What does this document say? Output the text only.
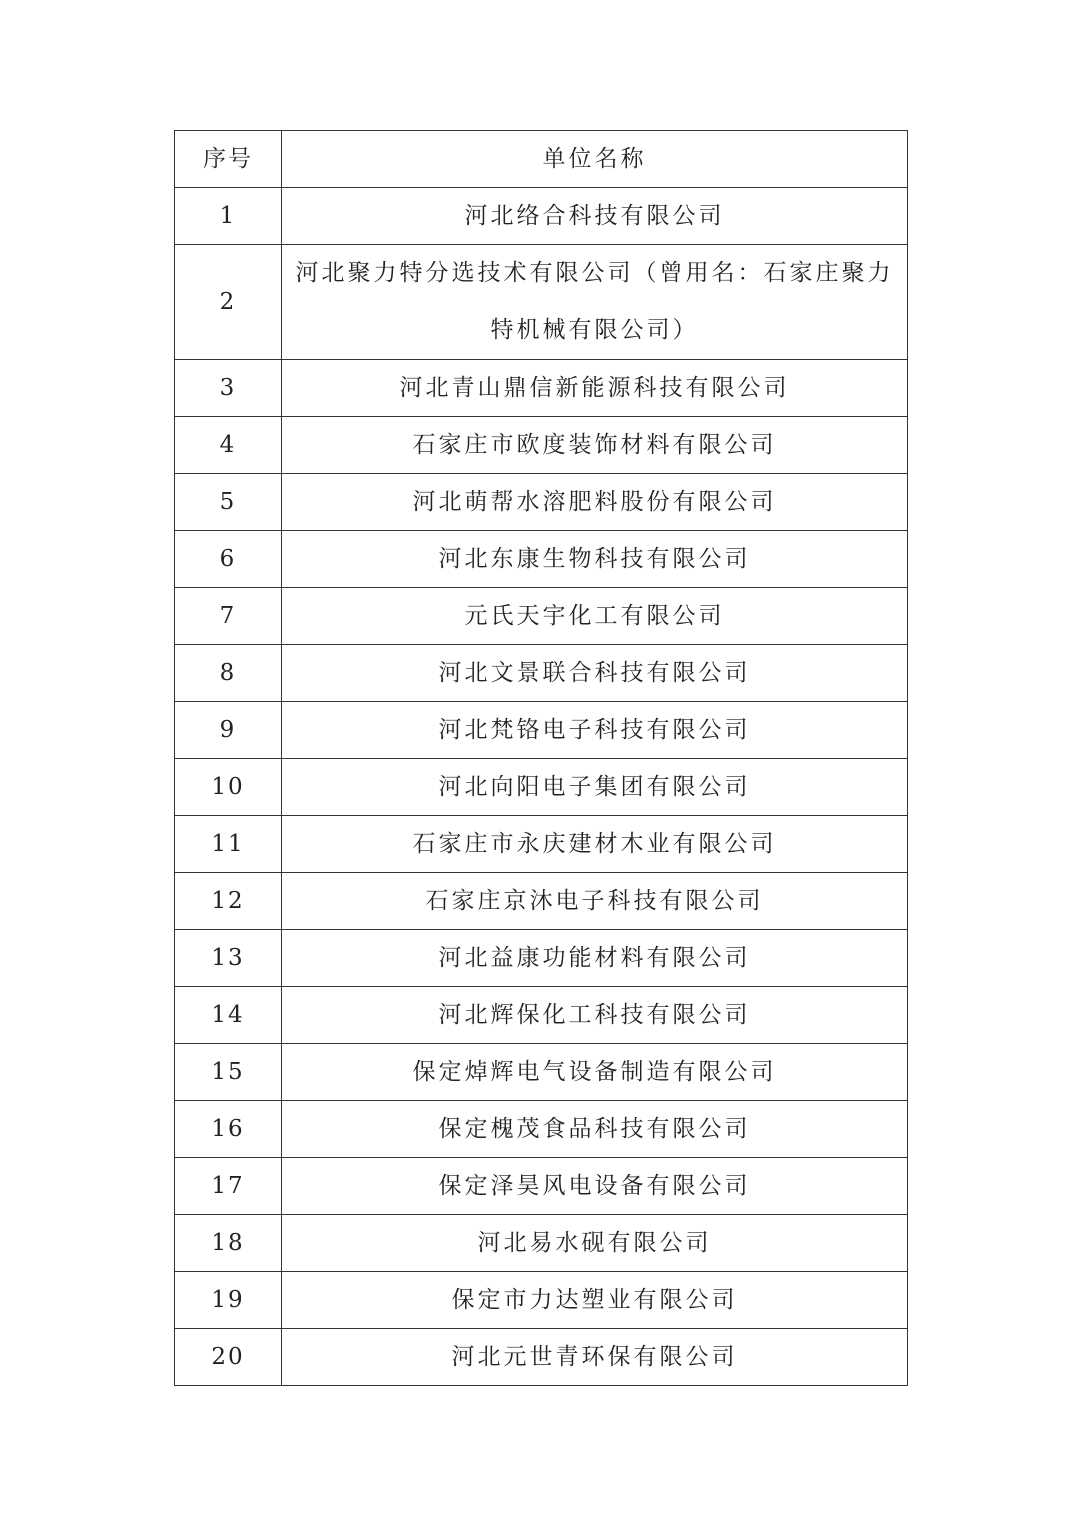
序号	单位名称
1	河北络合科技有限公司
2	河北聚力特分选技术有限公司（曾用名：石家庄聚力特机械有限公司）
3	河北青山鼎信新能源科技有限公司
4	石家庄市欧度装饰材料有限公司
5	河北萌帮水溶肥料股份有限公司
6	河北东康生物科技有限公司
7	元氏天宇化工有限公司
8	河北文景联合科技有限公司
9	河北梵铬电子科技有限公司
10	河北向阳电子集团有限公司
11	石家庄市永庆建材木业有限公司
12	石家庄京沐电子科技有限公司
13	河北益康功能材料有限公司
14	河北辉保化工科技有限公司
15	保定焯辉电气设备制造有限公司
16	保定槐茂食品科技有限公司
17	保定泽昊风电设备有限公司
18	河北易水砚有限公司
19	保定市力达塑业有限公司
20	河北元世青环保有限公司
